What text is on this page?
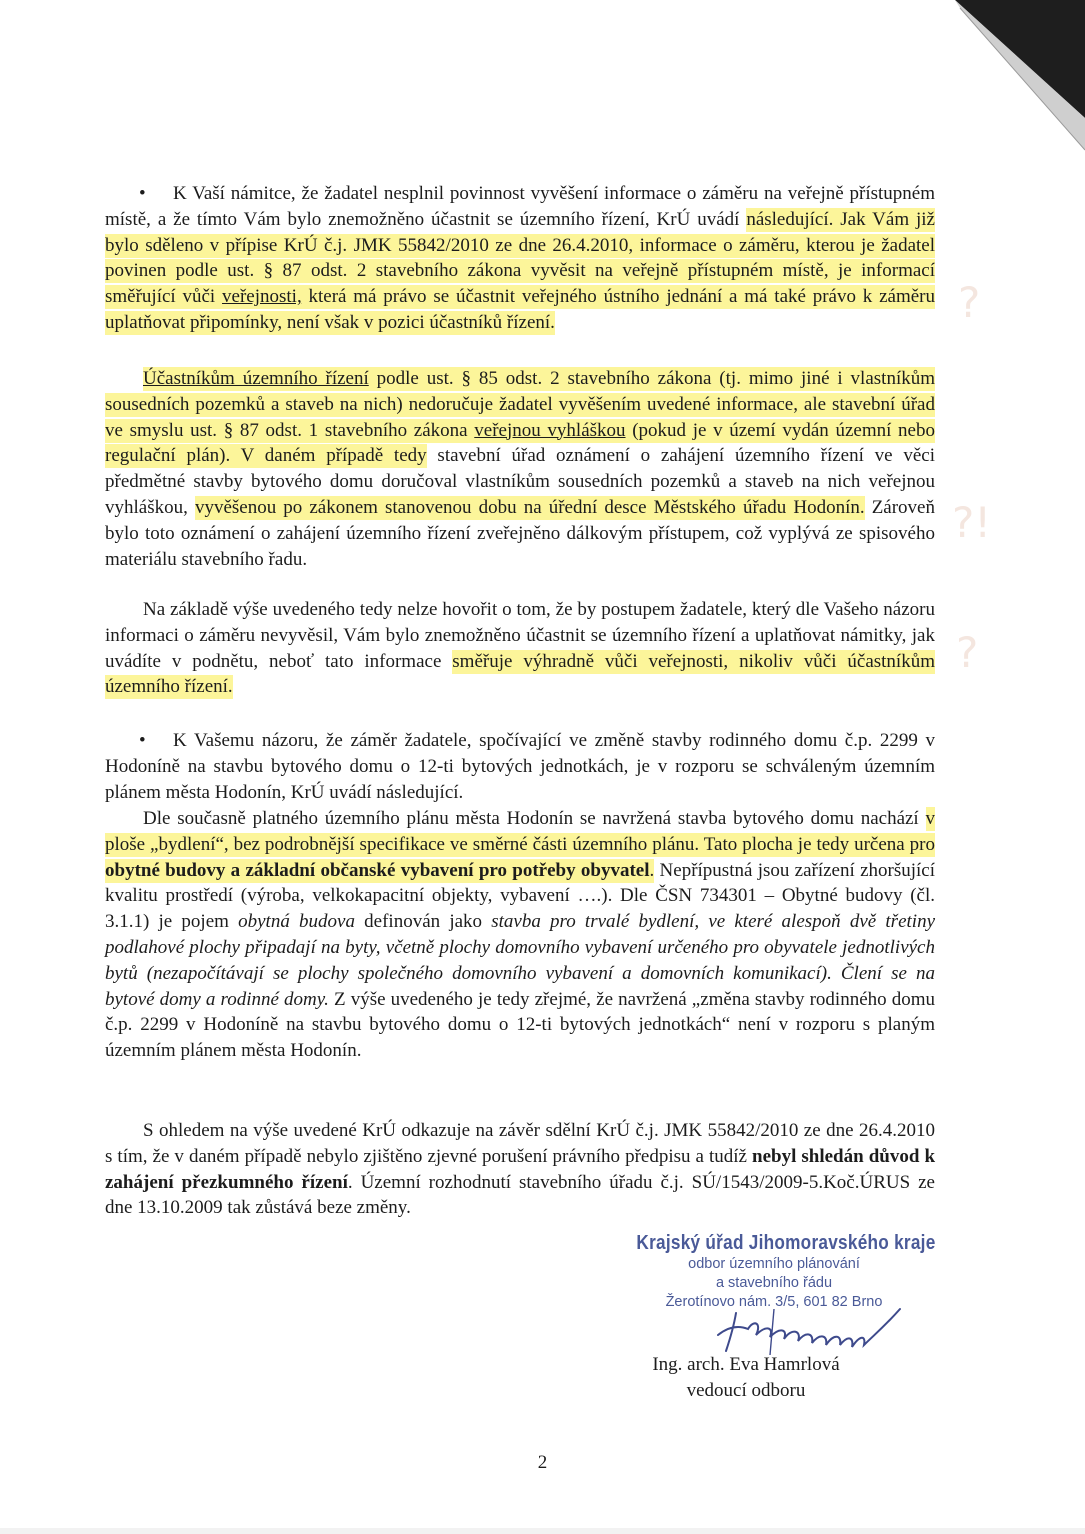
?
?!
?

• K Vaší námitce, že žadatel nesplnil povinnost vyvěšení informace o záměru na veřejně přístupném místě, a že tímto Vám bylo znemožněno účastnit se územního řízení, KrÚ uvádí následující. Jak Vám již bylo sděleno v přípise KrÚ č.j. JMK 55842/2010 ze dne 26.4.2010, informace o záměru, kterou je žadatel povinen podle ust. § 87 odst. 2 stavebního zákona vyvěsit na veřejně přístupném místě, je informací směřující vůči veřejnosti, která má právo se účastnit veřejného ústního jednání a má také právo k záměru uplatňovat připomínky, není však v pozici účastníků řízení.

Účastníkům územního řízení podle ust. § 85 odst. 2 stavebního zákona (tj. mimo jiné i vlastníkům sousedních pozemků a staveb na nich) nedoručuje žadatel vyvěšením uvedené informace, ale stavební úřad ve smyslu ust. § 87 odst. 1 stavebního zákona veřejnou vyhláškou (pokud je v území vydán územní nebo regulační plán). V daném případě tedy stavební úřad oznámení o zahájení územního řízení ve věci předmětné stavby bytového domu doručoval vlastníkům sousedních pozemků a staveb na nich veřejnou vyhláškou, vyvěšenou po zákonem stanovenou dobu na úřední desce Městského úřadu Hodonín. Zároveň bylo toto oznámení o zahájení územního řízení zveřejněno dálkovým přístupem, což vyplývá ze spisového materiálu stavebního řadu.

Na základě výše uvedeného tedy nelze hovořit o tom, že by postupem žadatele, který dle Vašeho názoru informaci o záměru nevyvěsil, Vám bylo znemožněno účastnit se územního řízení a uplatňovat námitky, jak uvádíte v podnětu, neboť tato informace směřuje výhradně vůči veřejnosti, nikoliv vůči účastníkům územního řízení.

• K Vašemu názoru, že záměr žadatele, spočívající ve změně stavby rodinného domu č.p. 2299 v Hodoníně na stavbu bytového domu o 12-ti bytových jednotkách, je v rozporu se schváleným územním plánem města Hodonín, KrÚ uvádí následující.

Dle současně platného územního plánu města Hodonín se navržená stavba bytového domu nachází v ploše „bydlení“, bez podrobnější specifikace ve směrné části územního plánu. Tato plocha je tedy určena pro obytné budovy a základní občanské vybavení pro potřeby obyvatel. Nepřípustná jsou zařízení zhoršující kvalitu prostředí (výroba, velkokapacitní objekty, vybavení ….). Dle ČSN 734301 – Obytné budovy (čl. 3.1.1) je pojem obytná budova definován jako stavba pro trvalé bydlení, ve které alespoň dvě třetiny podlahové plochy připadají na byty, včetně plochy domovního vybavení určeného pro obyvatele jednotlivých bytů (nezapočítávají se plochy společného domovního vybavení a domovních komunikací). Člení se na bytové domy a rodinné domy. Z výše uvedeného je tedy zřejmé, že navržená „změna stavby rodinného domu č.p. 2299 v Hodoníně na stavbu bytového domu o 12-ti bytových jednotkách“ není v rozporu s planým územním plánem města Hodonín.

S ohledem na výše uvedené KrÚ odkazuje na závěr sdělní KrÚ č.j. JMK 55842/2010 ze dne 26.4.2010 s tím, že v daném případě nebylo zjištěno zjevné porušení právního předpisu a tudíž nebyl shledán důvod k zahájení přezkumného řízení. Územní rozhodnutí stavebního úřadu č.j. SÚ/1543/2009-5.Koč.ÚRUS ze dne 13.10.2009 tak zůstává beze změny.

Krajský úřad Jihomoravského kraje
odbor územního plánování
a stavebního řádu
Žerotínovo nám. 3/5, 601 82 Brno
Ing. arch. Eva Hamrlová
vedoucí odboru
2
